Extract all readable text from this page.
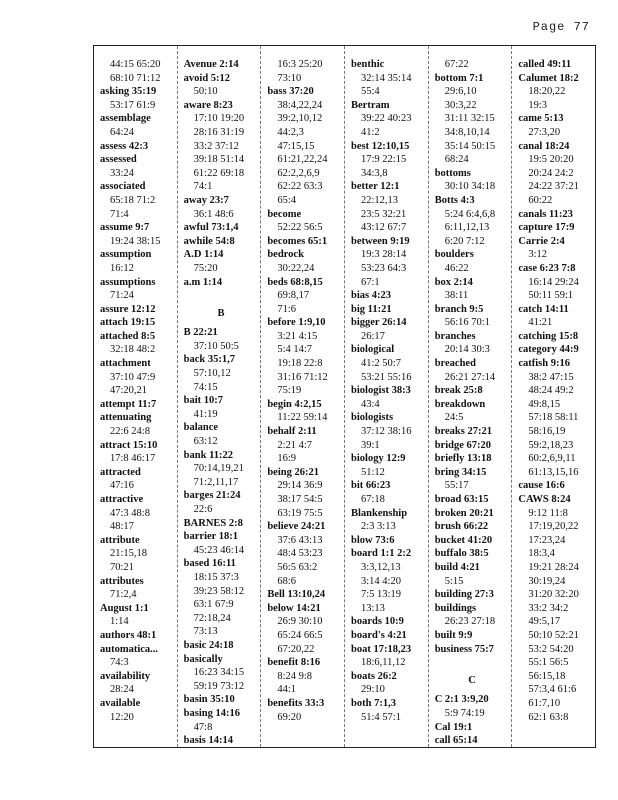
Page 77
44:15 65:20
68:10 71:12
asking 35:19
53:17 61:9
assemblage
64:24
assess 42:3
assessed
33:24
associated
65:18 71:2
71:4
assume 9:7
19:24 38:15
assumption
16:12
assumptions
71:24
assure 12:12
attach 19:15
attached 8:5
32:18 48:2
attachment
37:10 47:9
47:20,21
attempt 11:7
attenuating
22:6 24:8
attract 15:10
17:8 46:17
attracted
47:16
attractive
47:3 48:8
48:17
attribute
21:15,18
70:21
attributes
71:2,4
August 1:1
1:14
authors 48:1
automatica...
74:3
availability
28:24
available
12:20
Avenue 2:14
avoid 5:12
50:10
aware 8:23
17:10 19:20
28:16 31:19
33:2 37:12
39:18 51:14
61:22 69:18
74:1
away 23:7
36:1 48:6
awful 73:1,4
awhile 54:8
A.D 1:14
75:20
a.m 1:14

B
B 22:21
37:10 50:5
back 35:1,7
57:10,12
74:15
bait 10:7
41:19
balance
63:12
bank 11:22
70:14,19,21
71:2,11,17
barges 21:24
22:6
BARNES 2:8
barrier 18:1
45:23 46:14
based 16:11
18:15 37:3
39:23 58:12
63:1 67:9
72:18,24
73:13
basic 24:18
basically
16:23 34:15
59:19 73:12
basin 35:10
basing 14:16
47:8
basis 14:14
16:3 25:20
73:10
bass 37:20
38:4,22,24
39:2,10,12
44:2,3
47:15,15
61:21,22,24
62:2,2,6,9
62:22 63:3
65:4
become
52:22 56:5
becomes 65:1
bedrock
30:22,24
beds 68:8,15
69:8,17
71:6
before 1:9,10
3:21 4:15
5:4 14:7
19:18 22:8
31:16 71:12
75:19
begin 4:2,15
11:22 59:14
behalf 2:11
2:21 4:7
16:9
being 26:21
29:14 36:9
38:17 54:5
63:19 75:5
believe 24:21
37:6 43:13
48:4 53:23
56:5 63:2
68:6
Bell 13:10,24
below 14:21
26:9 30:10
65:24 66:5
67:20,22
benefit 8:16
8:24 9:8
44:1
benefits 33:3
69:20
benthic
32:14 35:14
55:4
Bertram
39:22 40:23
41:2
best 12:10,15
17:9 22:15
34:3,8
better 12:1
22:12,13
23:5 32:21
43:12 67:7
between 9:19
19:3 28:14
53:23 64:3
67:1
bias 4:23
big 11:21
bigger 26:14
26:17
biological
41:2 50:7
53:21 55:16
biologist 38:3
43:4
biologists
37:12 38:16
39:1
biology 12:9
51:12
bit 66:23
67:18
Blankenship
2:3 3:13
blow 73:6
board 1:1 2:2
3:3,12,13
3:14 4:20
7:5 13:19
13:13
boards 10:9
board's 4:21
boat 17:18,23
18:6,11,12
boats 26:2
29:10
both 7:1,3
51:4 57:1
67:22
bottom 7:1
29:6,10
30:3,22
31:11 32:15
34:8,10,14
35:14 50:15
68:24
bottoms
30:10 34:18
Botts 4:3
5:24 6:4,6,8
6:11,12,13
6:20 7:12
boulders
46:22
box 2:14
38:11
branch 9:5
56:16 70:1
branches
20:14 30:3
breached
26:21 27:14
break 25:8
breakdown
24:5
breaks 27:21
bridge 67:20
briefly 13:18
bring 34:15
55:17
broad 63:15
broken 20:21
brush 66:22
bucket 41:20
buffalo 38:5
build 4:21
5:15
building 27:3
buildings
26:23 27:18
built 9:9
business 75:7

C
C 2:1 3:9,20
5:9 74:19
Cal 19:1
call 65:14
called 49:11
Calumet 18:2
18:20,22
19:3
came 5:13
27:3,20
canal 18:24
19:5 20:20
20:24 24:2
24:22 37:21
60:22
canals 11:23
capture 17:9
Carrie 2:4
3:12
case 6:23 7:8
16:14 29:24
50:11 59:1
catch 14:11
41:21
catching 15:8
category 44:9
catfish 9:16
38:2 47:15
48:24 49:2
49:8,15
57:18 58:11
58:16,19
59:2,18,23
60:2,6,9,11
61:13,15,16
cause 16:6
CAWS 8:24
9:12 11:8
17:19,20,22
17:23,24
18:3,4
19:21 28:24
30:19,24
31:20 32:20
33:2 34:2
49:5,17
50:10 52:21
53:2 54:20
55:1 56:5
56:15,18
57:3,4 61:6
61:7,10
62:1 63:8
